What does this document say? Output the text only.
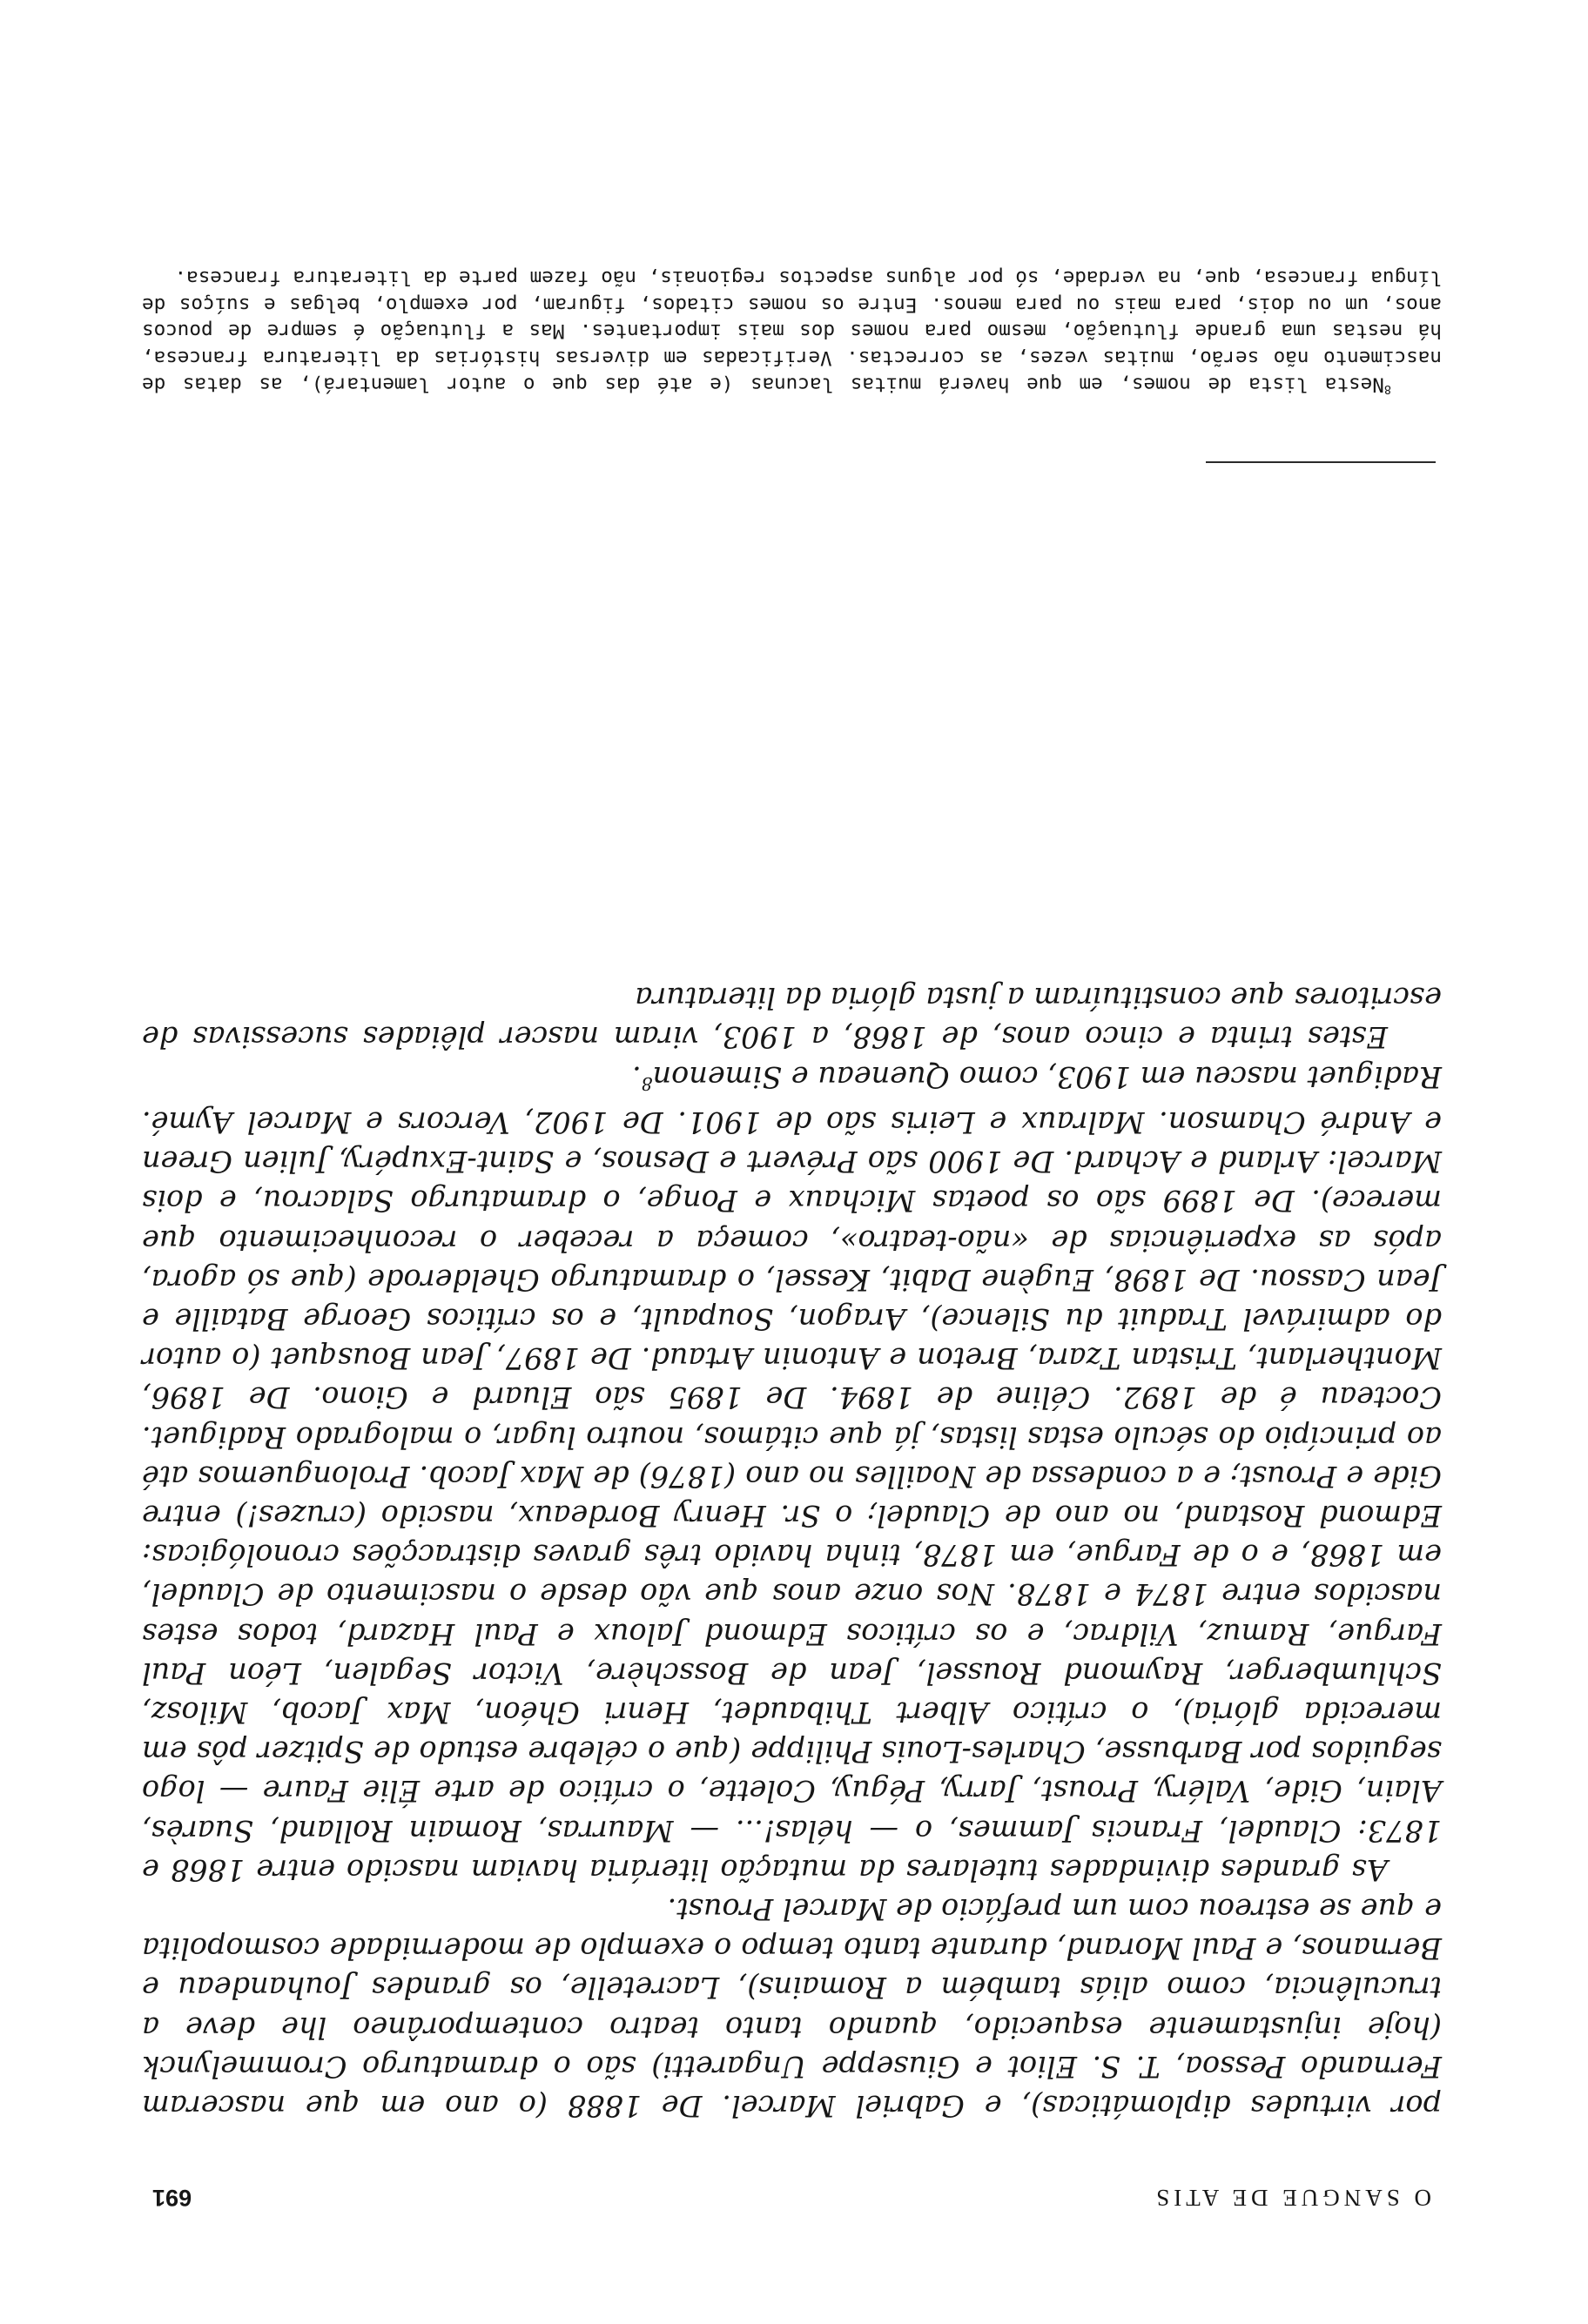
O SANGUE DE ATIS
691

por virtudes diplomáticas), e Gabriel Marcel. De 1888 (o ano em que nasceram Fernando Pessoa, T. S. Eliot e Giuseppe Ungaretti) são o dramaturgo Crommelynck (hoje injustamente esquecido, quando tanto teatro contemporâneo lhe deve a truculência, como aliás também a Romains), Lacretelle, os grandes Jouhandeau e Bernanos, e Paul Morand, durante tanto tempo o exemplo de modernidade cosmopolita e que se estreou com um prefácio de Marcel Proust.

As grandes divindades tutelares da mutação literária haviam nascido entre 1868 e 1873: Claudel, Francis Jammes, o — hélas!... — Maurras, Romain Rolland, Suarès, Alain, Gide, Valéry, Proust, Jarry, Péguy, Colette, o crítico de arte Élie Faure — logo seguidos por Barbusse, Charles-Louis Philippe (que o célebre estudo de Spitzer pôs em merecida glória), o crítico Albert Thibaudet, Henri Ghéon, Max Jacob, Milosz, Schlumberger, Raymond Roussel, Jean de Bosschère, Victor Segalen, Léon Paul Fargue, Ramuz, Vildrac, e os críticos Edmond Jaloux e Paul Hazard, todos estes nascidos entre 1874 e 1878. Nos onze anos que vão desde o nascimento de Claudel, em 1868, e o de Fargue, em 1878, tinha havido três graves distracções cronológicas: Edmond Rostand, no ano de Claudel; o Sr. Henry Bordeaux, nascido (cruzes!) entre Gide e Proust; e a condessa de Noailles no ano (1876) de Max Jacob. Prolonguemos até ao princípio do século estas listas, já que citámos, noutro lugar, o malogrado Radiguet. Cocteau é de 1892. Céline de 1894. De 1895 são Eluard e Giono. De 1896, Montherlant, Tristan Tzara, Breton e Antonin Artaud. De 1897, Jean Bousquet (o autor do admirável Traduit du Silence), Aragon, Soupault, e os críticos George Bataille e Jean Cassou. De 1898, Eugène Dabit, Kessel, o dramaturgo Ghelderode (que só agora, após as experiências de «não-teatro», começa a receber o reconhecimento que merece). De 1899 são os poetas Michaux e Ponge, o dramaturgo Salacrou, e dois Marcel: Arland e Achard. De 1900 são Prévert e Desnos, e Saint-Exupéry, Julien Green e André Chamson. Malraux e Leiris são de 1901. De 1902, Vercors e Marcel Aymé. Radiguet nasceu em 1903, como Queneau e Simenon$^8$.

Estes trinta e cinco anos, de 1868, a 1903, viram nascer plêiades sucessivas de escritores que constituíram a justa glória da literatura

$^8$Nesta lista de nomes, em que haverá muitas lacunas (e até das que o autor lamentará), as datas de nascimento não serão, muitas vezes, as correctas. Verificadas em diversas histórias da literatura francesa, há nestas uma grande flutuação, mesmo para nomes dos mais importantes. Mas a flutuação é sempre de poucos anos, um ou dois, para mais ou para menos. Entre os nomes citados, figuram, por exemplo, belgas e suíços de língua francesa, que, na verdade, só por alguns aspectos regionais, não fazem parte da literatura francesa.
